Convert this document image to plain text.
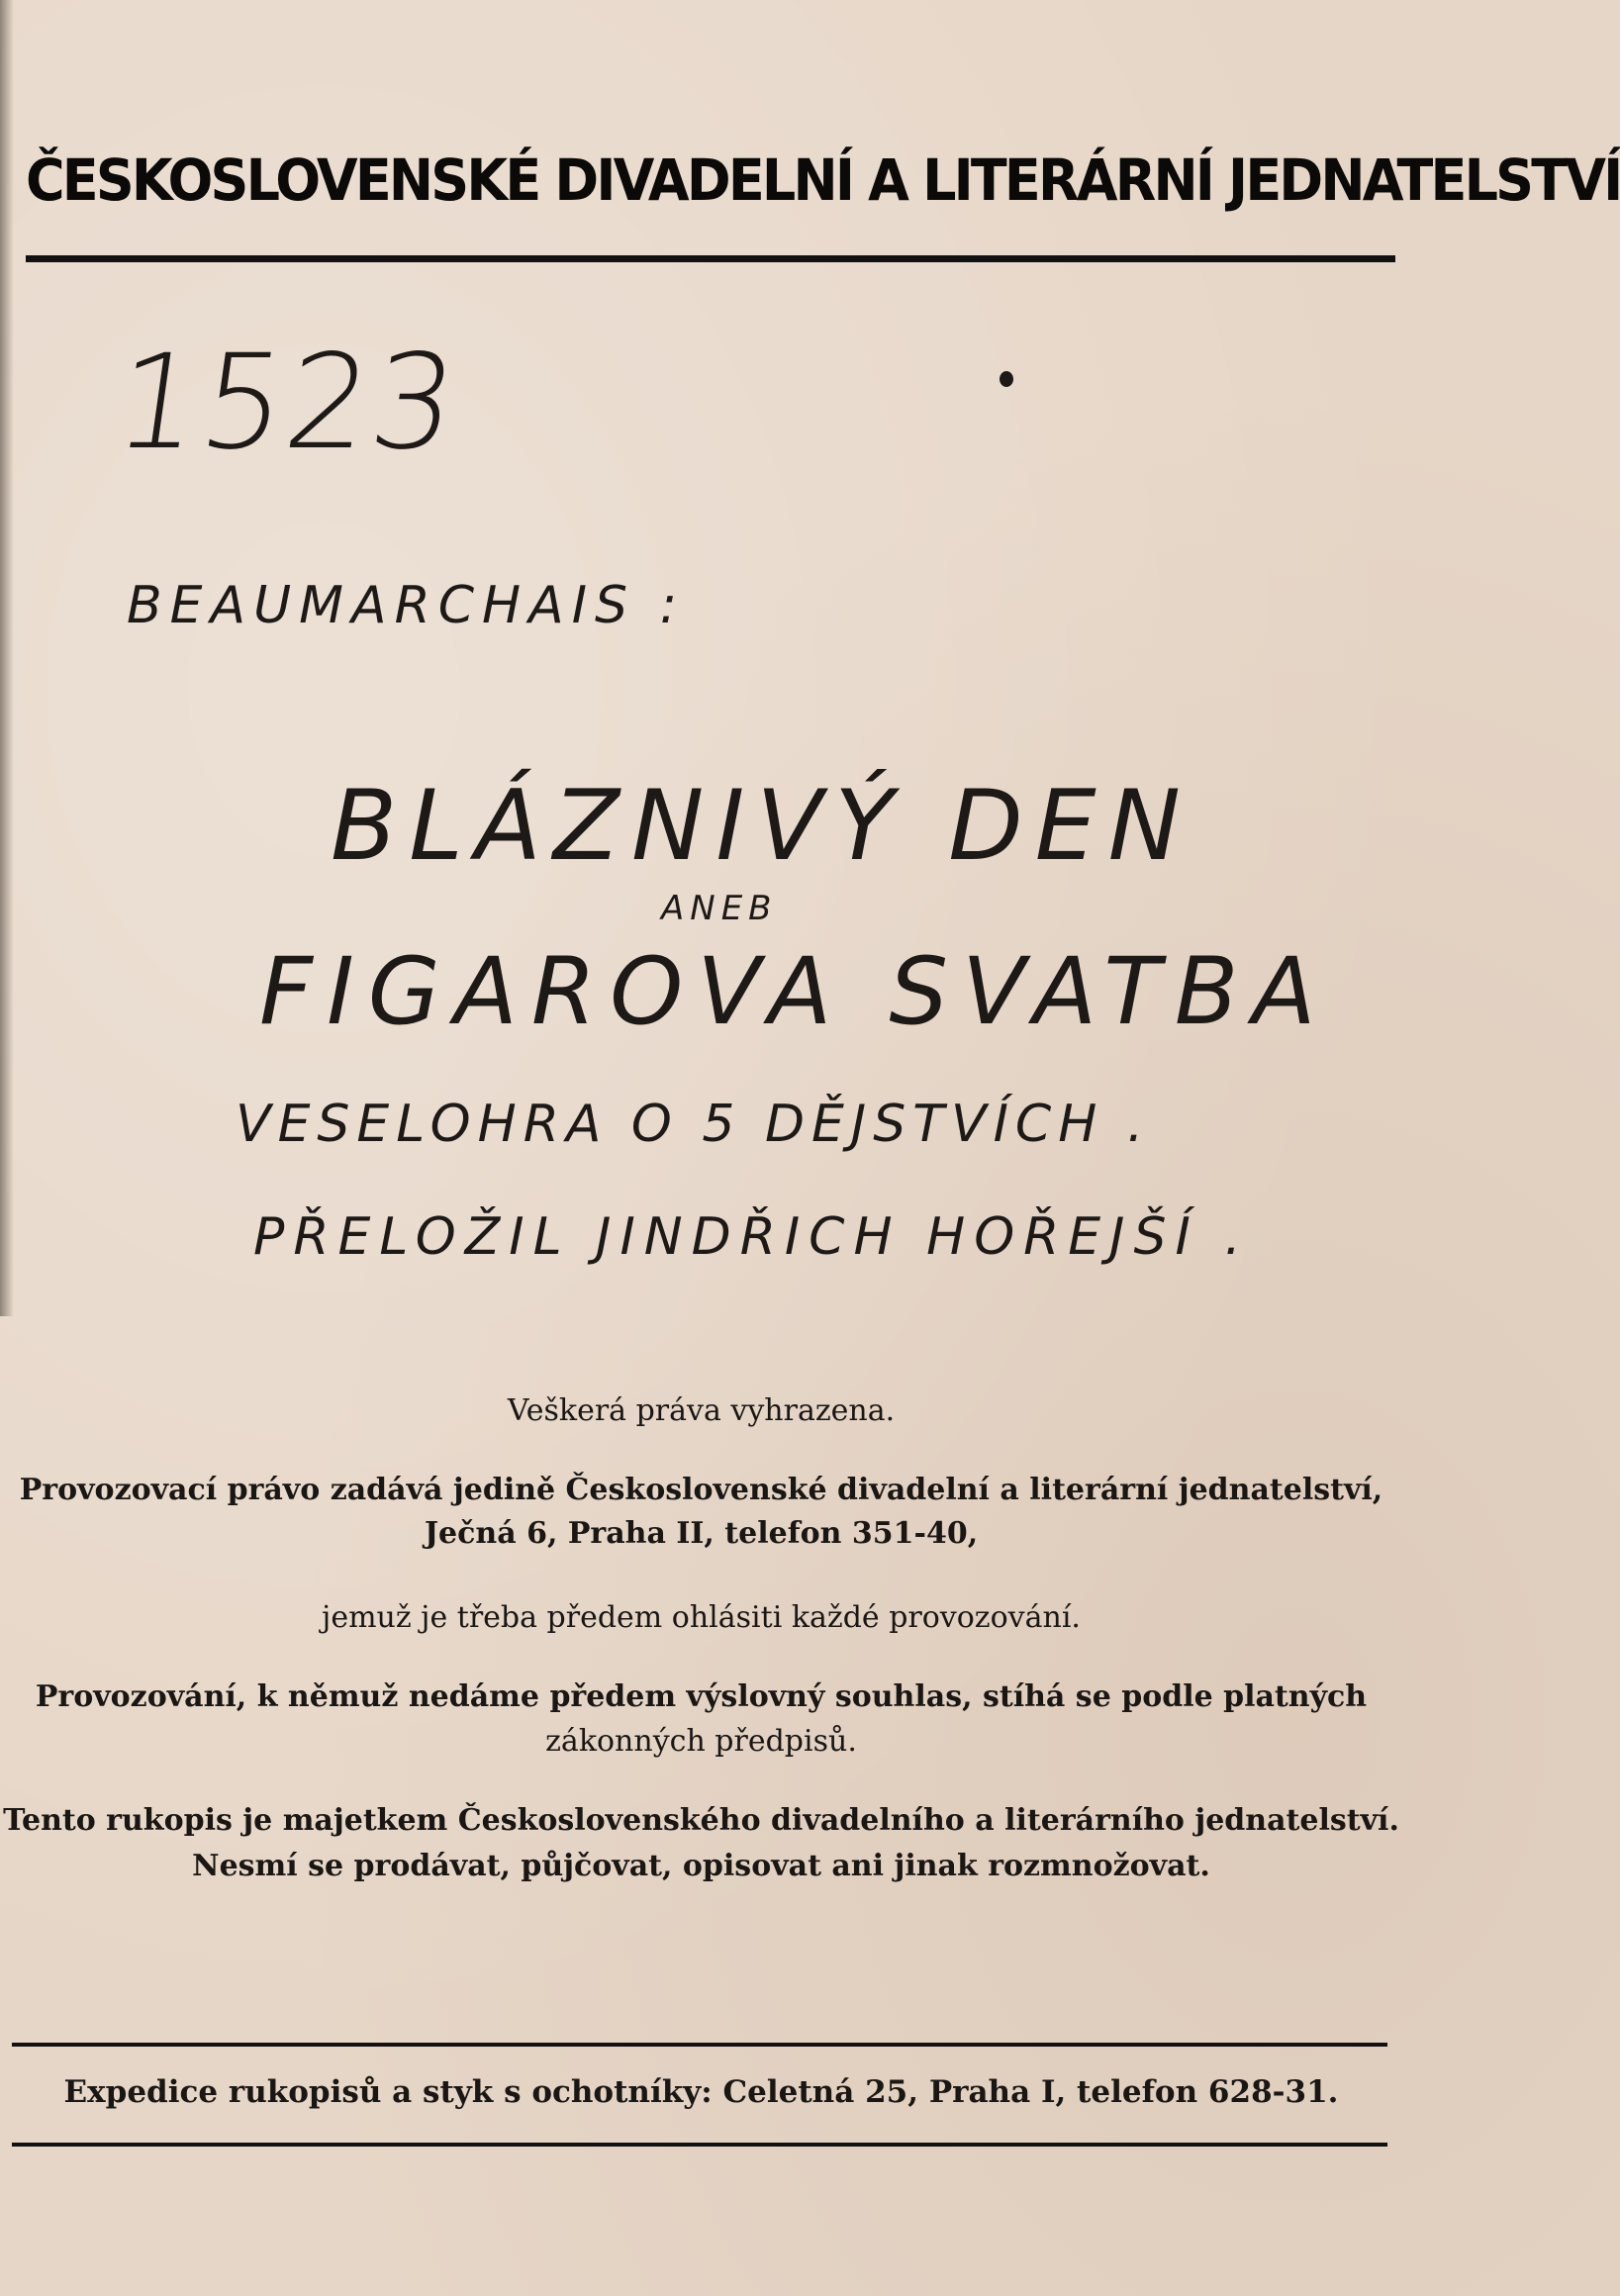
ČESKOSLOVENSKÉ DIVADELNÍ A LITERÁRNÍ JEDNATELSTVÍ

1523

BEAUMARCHAIS :

BLÁZNIVÝ DEN

ANEB

FIGAROVA SVATBA

VESELOHRA O 5 DĚJSTVÍCH .

PŘELOŽIL JINDŘICH HOŘEJŠÍ .

Veškerá práva vyhrazena.

Provozovací právo zadává jedině Československé divadelní a literární jednatelství,

Ječná 6, Praha II, telefon 351-40,

jemuž je třeba předem ohlásiti každé provozování.

Provozování, k němuž nedáme předem výslovný souhlas, stíhá se podle platných

zákonných předpisů.

Tento rukopis je majetkem Československého divadelního a literárního jednatelství.

Nesmí se prodávat, půjčovat, opisovat ani jinak rozmnožovat.

Expedice rukopisů a styk s ochotníky: Celetná 25, Praha I, telefon 628-31.
